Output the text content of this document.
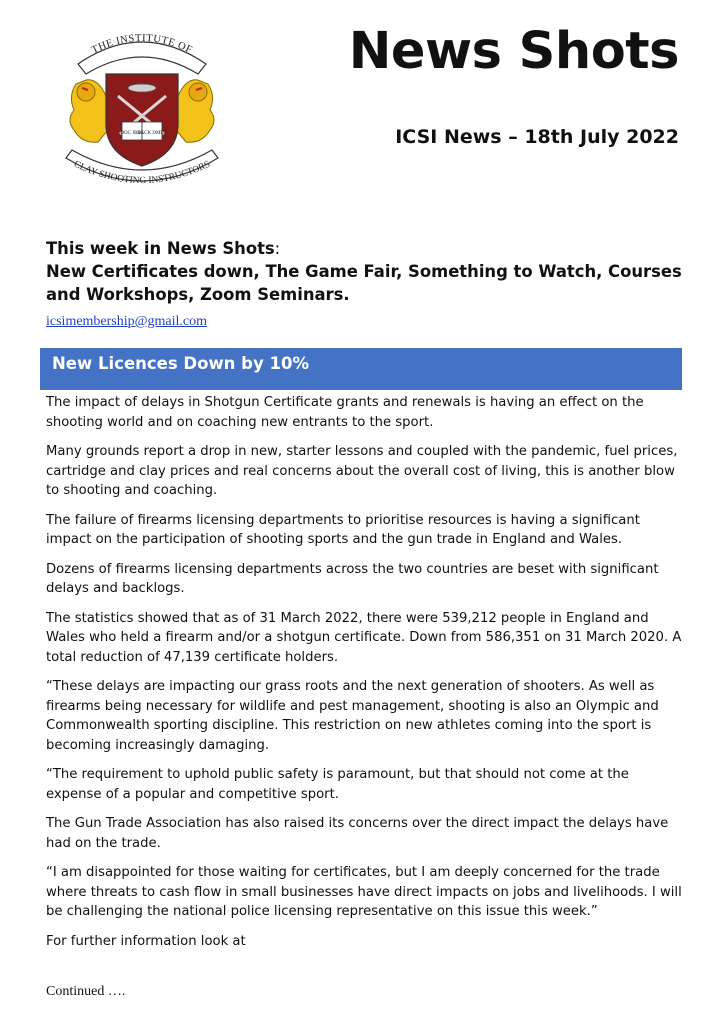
THE INSTITUTE OF
CLAY SHOOTING INSTRUCTORS
DOC JBSC
BACK DMUS
News Shots
ICSI News – 18th July 2022
This week in News Shots:
New Certificates down, The Game Fair, Something to Watch, Courses and Workshops, Zoom Seminars.
icsimembership@gmail.com
New Licences Down by 10%

The impact of delays in Shotgun Certificate grants and renewals is having an effect on the shooting world and on coaching new entrants to the sport.

Many grounds report a drop in new, starter lessons and coupled with the pandemic, fuel prices, cartridge and clay prices and real concerns about the overall cost of living, this is another blow to shooting and coaching.

The failure of firearms licensing departments to prioritise resources is having a significant impact on the participation of shooting sports and the gun trade in England and Wales.

Dozens of firearms licensing departments across the two countries are beset with significant delays and backlogs.

The statistics showed that as of 31 March 2022, there were 539,212 people in England and Wales who held a firearm and/or a shotgun certificate. Down from 586,351 on 31 March 2020. A total reduction of 47,139 certificate holders.

“These delays are impacting our grass roots and the next generation of shooters. As well as firearms being necessary for wildlife and pest management, shooting is also an Olympic and Commonwealth sporting discipline. This restriction on new athletes coming into the sport is becoming increasingly damaging.

“The requirement to uphold public safety is paramount, but that should not come at the expense of a popular and competitive sport.

The Gun Trade Association has also raised its concerns over the direct impact the delays have had on the trade.

“I am disappointed for those waiting for certificates, but I am deeply concerned for the trade where threats to cash flow in small businesses have direct impacts on jobs and livelihoods. I will be challenging the national police licensing representative on this issue this week.”

For further information look at

Continued ….
